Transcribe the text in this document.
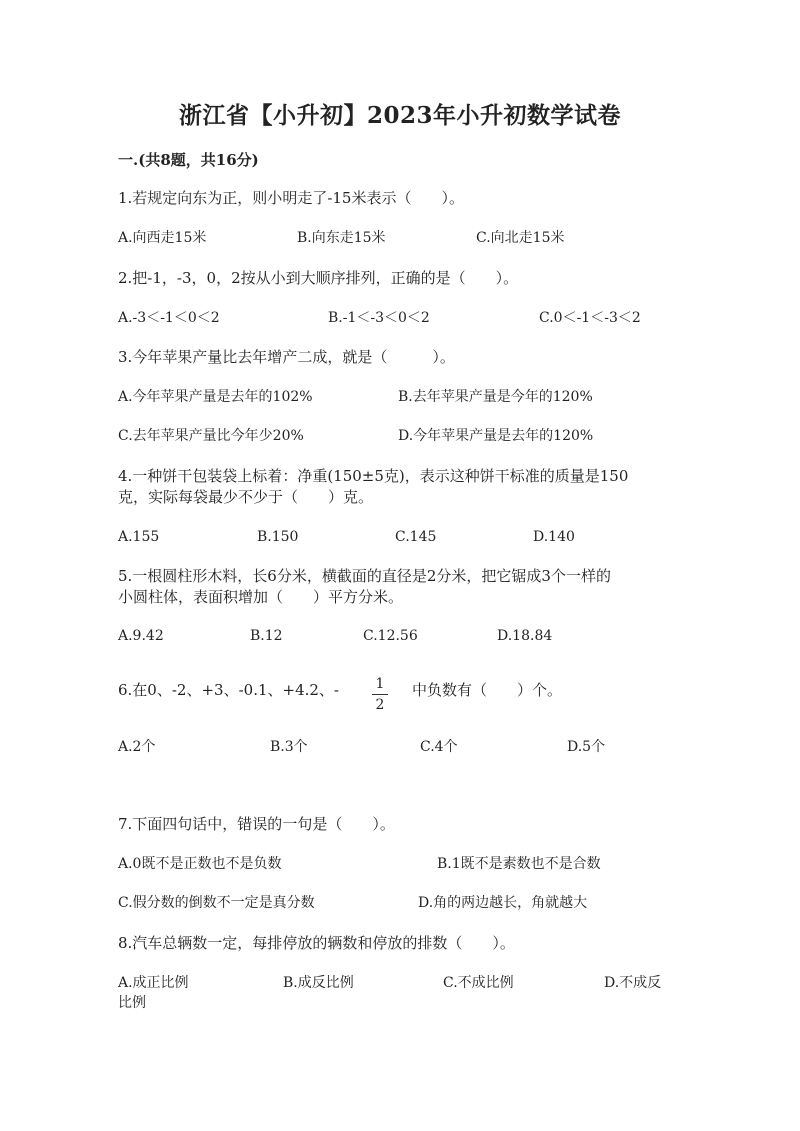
浙江省【小升初】2023年小升初数学试卷
一.(共8题，共16分)
1.若规定向东为正，则小明走了-15米表示（　　）。
A.向西走15米	B.向东走15米	C.向北走15米
2.把-1，-3，0，2按从小到大顺序排列，正确的是（　　）。
A.-3＜-1＜0＜2	B.-1＜-3＜0＜2	C.0＜-1＜-3＜2
3.今年苹果产量比去年增产二成，就是（　　　）。
A.今年苹果产量是去年的102%	B.去年苹果产量是今年的120%
C.去年苹果产量比今年少20%	D.今年苹果产量是去年的120%
4.一种饼干包装袋上标着：净重(150±5克)，表示这种饼干标准的质量是150
克，实际每袋最少不少于（　　）克。
A.155	B.150	C.145	D.140
5.一根圆柱形木料，长6分米，横截面的直径是2分米，把它锯成3个一样的
小圆柱体，表面积增加（　　）平方分米。
A.9.42	B.12	C.12.56	D.18.84
6.在0、-2、+3、-0.1、+4.2、-	1
2
中负数有（　　）个。
A.2个	B.3个	C.4个	D.5个
7.下面四句话中，错误的一句是（　　）。
A.0既不是正数也不是负数	B.1既不是素数也不是合数
C.假分数的倒数不一定是真分数	D.角的两边越长，角就越大
8.汽车总辆数一定，每排停放的辆数和停放的排数（　　）。
A.成正比例	B.成反比例	C.不成比例	D.不成反
比例
